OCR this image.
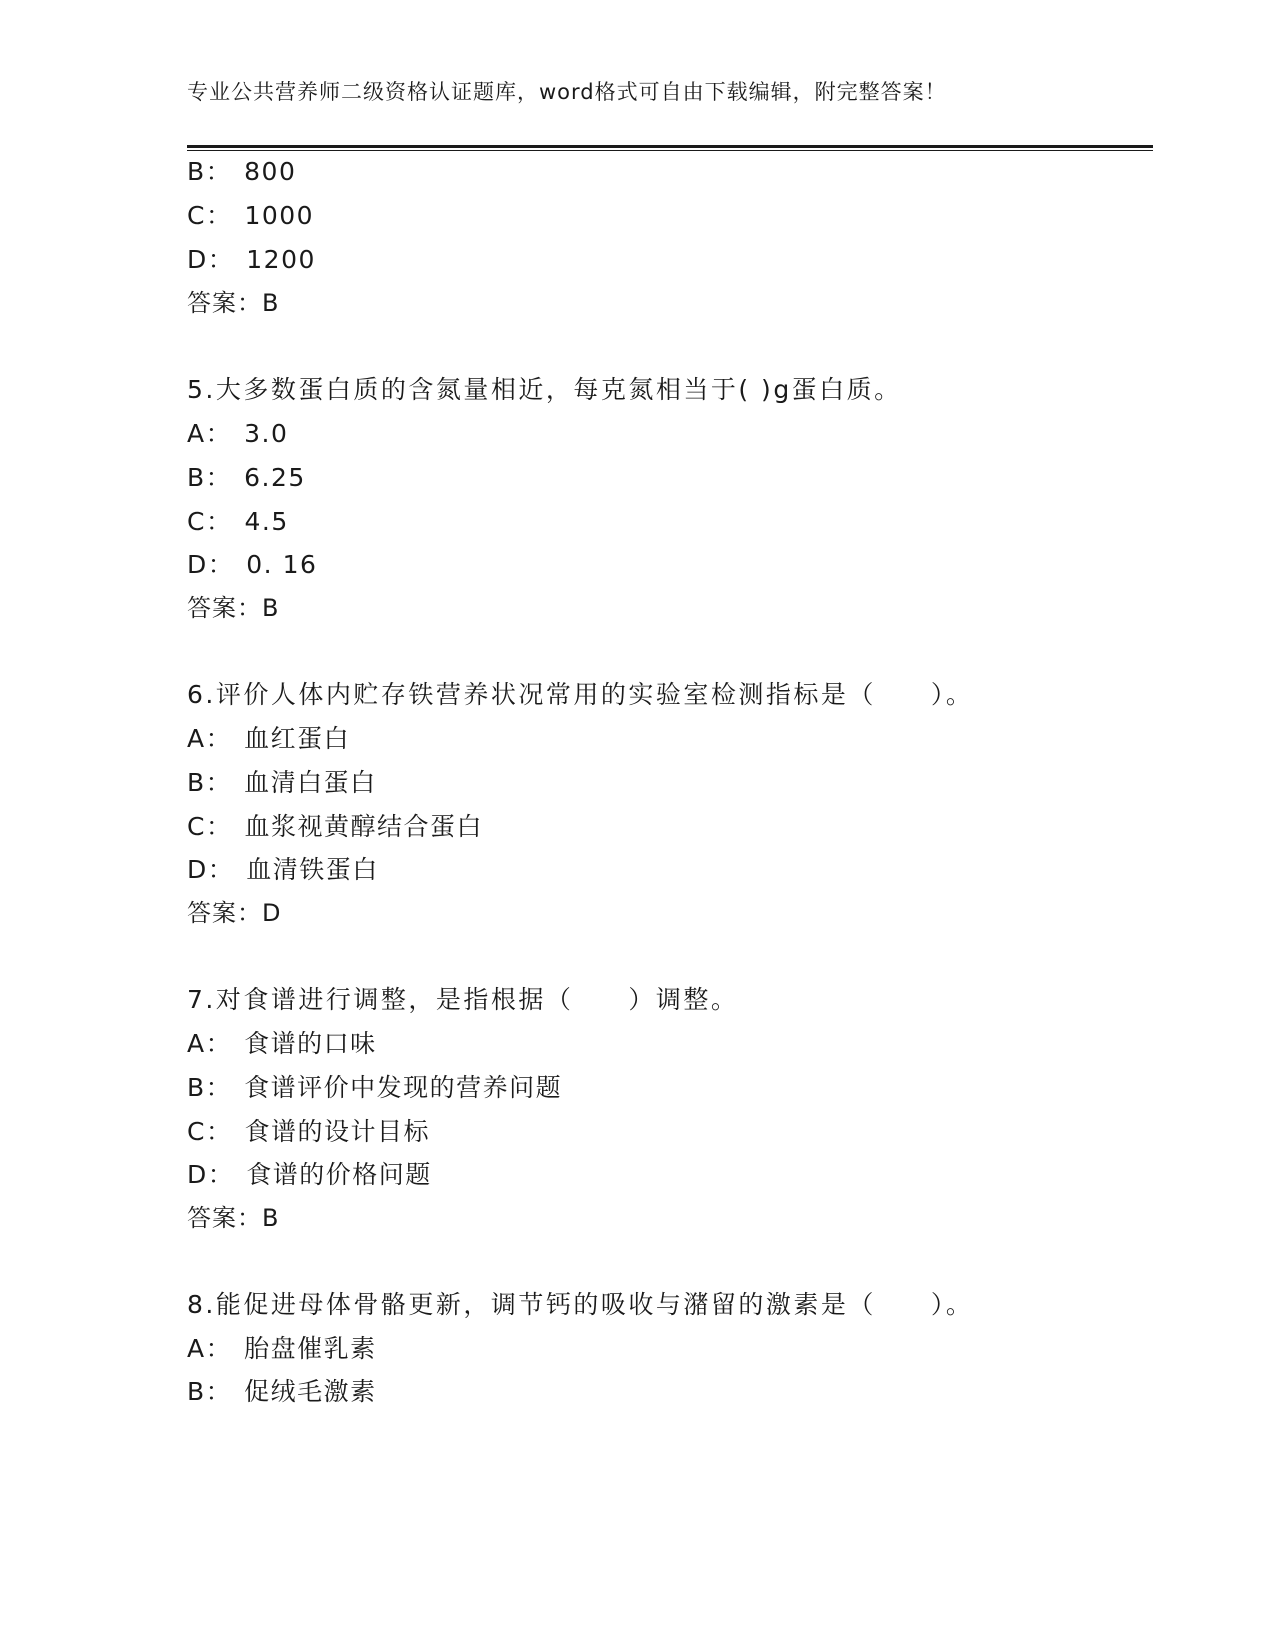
专业公共营养师二级资格认证题库，word格式可自由下载编辑，附完整答案！
B： 800
C： 1000
D： 1200
答案：B
5.大多数蛋白质的含氮量相近，每克氮相当于( )g蛋白质。
A： 3.0
B： 6.25
C： 4.5
D： 0. 16
答案：B
6.评价人体内贮存铁营养状况常用的实验室检测指标是（　　）。
A： 血红蛋白
B： 血清白蛋白
C： 血浆视黄醇结合蛋白
D： 血清铁蛋白
答案：D
7.对食谱进行调整，是指根据（　　）调整。
A： 食谱的口味
B： 食谱评价中发现的营养问题
C： 食谱的设计目标
D： 食谱的价格问题
答案：B
8.能促进母体骨骼更新，调节钙的吸收与潴留的激素是（　　）。
A： 胎盘催乳素
B： 促绒毛激素
